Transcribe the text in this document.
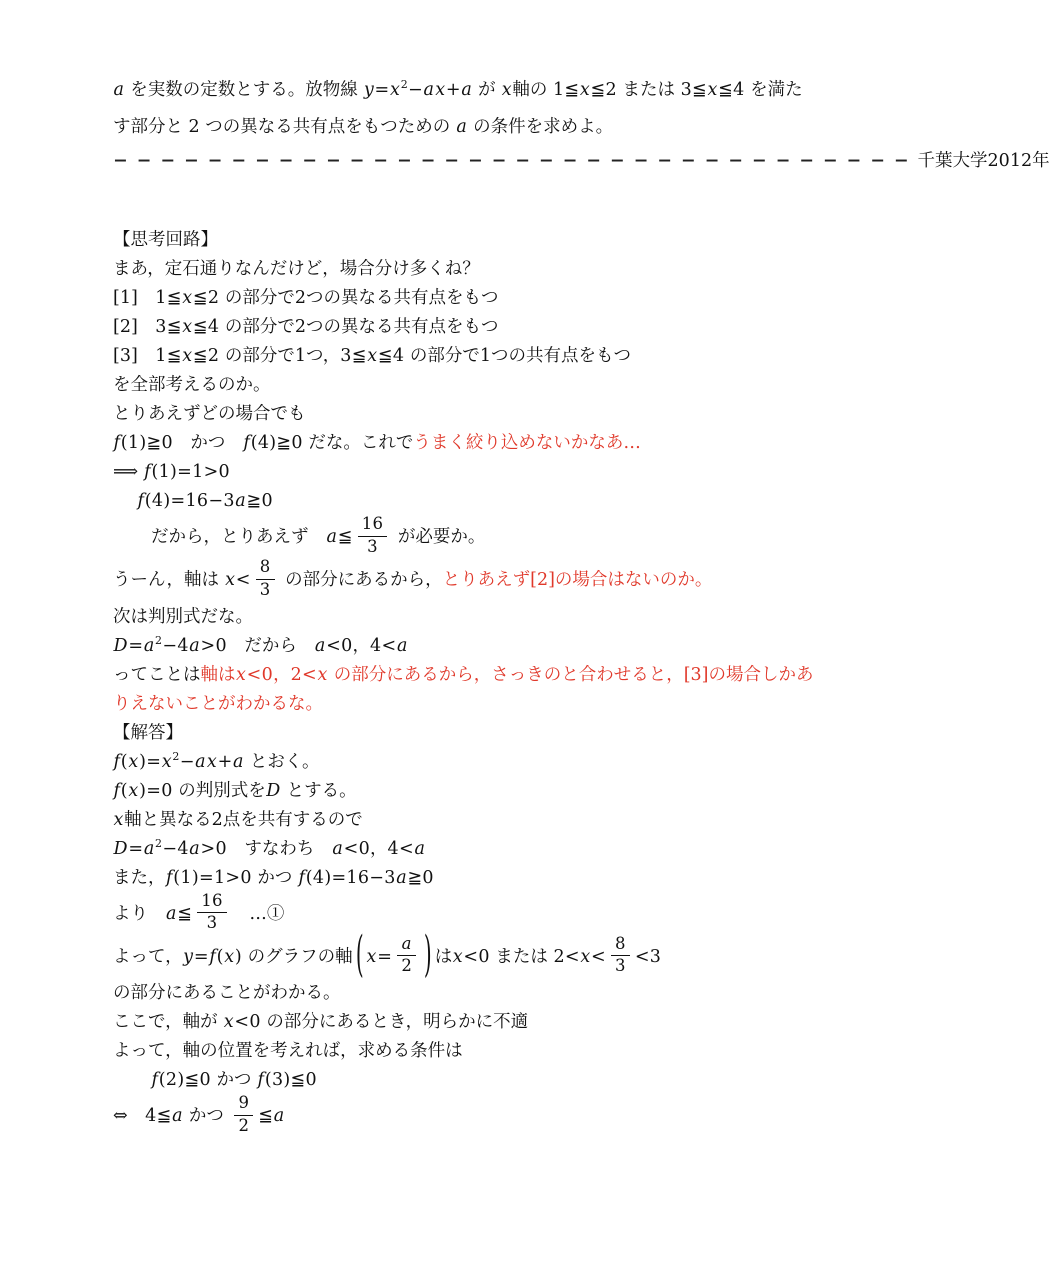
a を実数の定数とする。放物線 $y=x^2-ax+a$ が x軸の 1≦x≦2 または 3≦x≦4 を満た
す部分と 2 つの異なる共有点をもつための a の条件を求めよ。
−−−−−−−−−−−−−−−−−−−−−−−−−−−−−−−−−−千葉大学2012年
【思考回路】
まあ，定石通りなんだけど，場合分け多くね？
[1]　1≦x≦2 の部分で2つの異なる共有点をもつ
[2]　3≦x≦4 の部分で2つの異なる共有点をもつ
[3]　1≦x≦2 の部分で1つ，3≦x≦4 の部分で1つの共有点をもつ
を全部考えるのか。
とりあえずどの場合でも
f(1)≧0　かつ　f(4)≧0 だな。これでうまく絞り込めないかなあ…
⟹ f(1)=1>0
f(4)=16−3a≧0
だから，とりあえず　a≦ $\frac{16}{3}$ が必要か。
うーん，軸は $x< \frac{8}{3}$ の部分にあるから，とりあえず[2]の場合はないのか。
次は判別式だな。
$D=a^2-4a>0$　だから　a<0，4<a
ってことは軸はx<0，2<x の部分にあるから，さっきのと合わせると，[3]の場合しかあ
りえないことがわかるな。
【解答】
$f(x)=x^2-ax+a$ とおく。
f(x)=0 の判別式をD とする。
x軸と異なる2点を共有するので
$D=a^2-4a>0$　すなわち　a<0，4<a
また，f(1)=1>0 かつ f(4)=16−3a≧0
より　a≦ $\frac{16}{3}$ 　…①
よって，y=f(x) のグラフの軸 ( $x= \frac{a}{2}$ ) はx<0 または $2<x< \frac{8}{3} <3$
の部分にあることがわかる。
ここで，軸が x<0 の部分にあるとき，明らかに不適
よって，軸の位置を考えれば，求める条件は
f(2)≦0 かつ f(3)≦0
⇔　4≦a かつ $\frac{9}{2}$ ≦a
